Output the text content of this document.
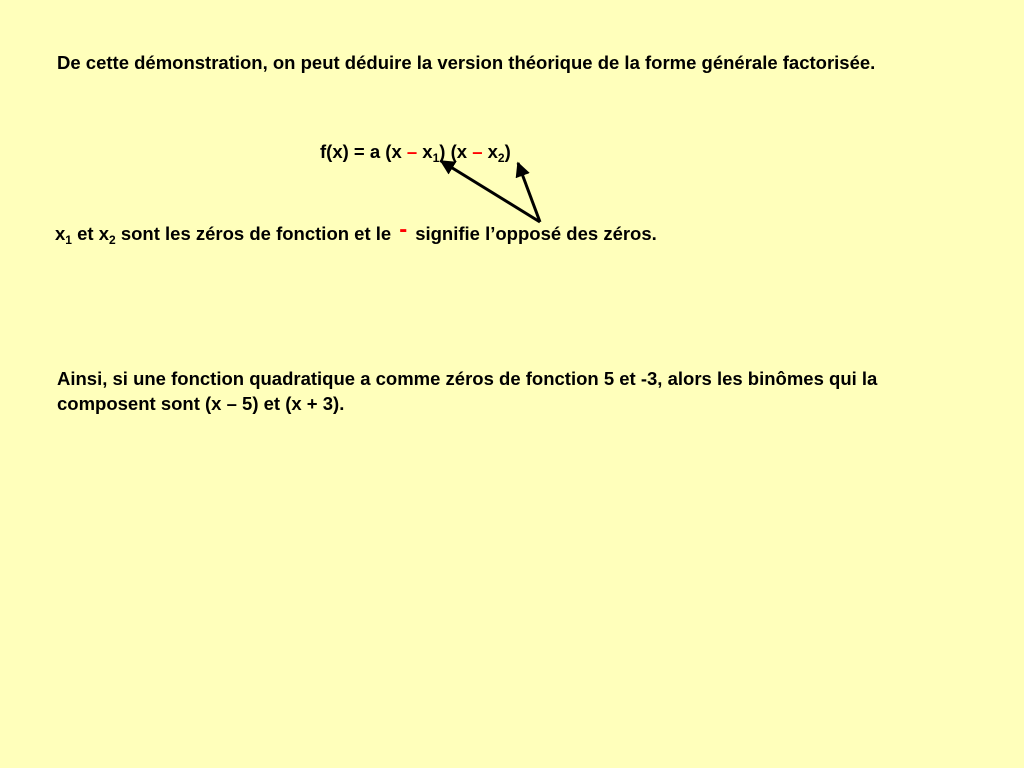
De cette démonstration, on peut déduire la version théorique de la forme générale factorisée.
f(x) = a $(x - x_1)$ $(x - x_2)$
$x_1$ et $x_2$ sont les zéros de fonction et le - signifie l’opposé des zéros.
Ainsi, si une fonction quadratique a comme zéros de fonction 5 et -3, alors les binômes qui la composent sont (x – 5) et (x + 3).
